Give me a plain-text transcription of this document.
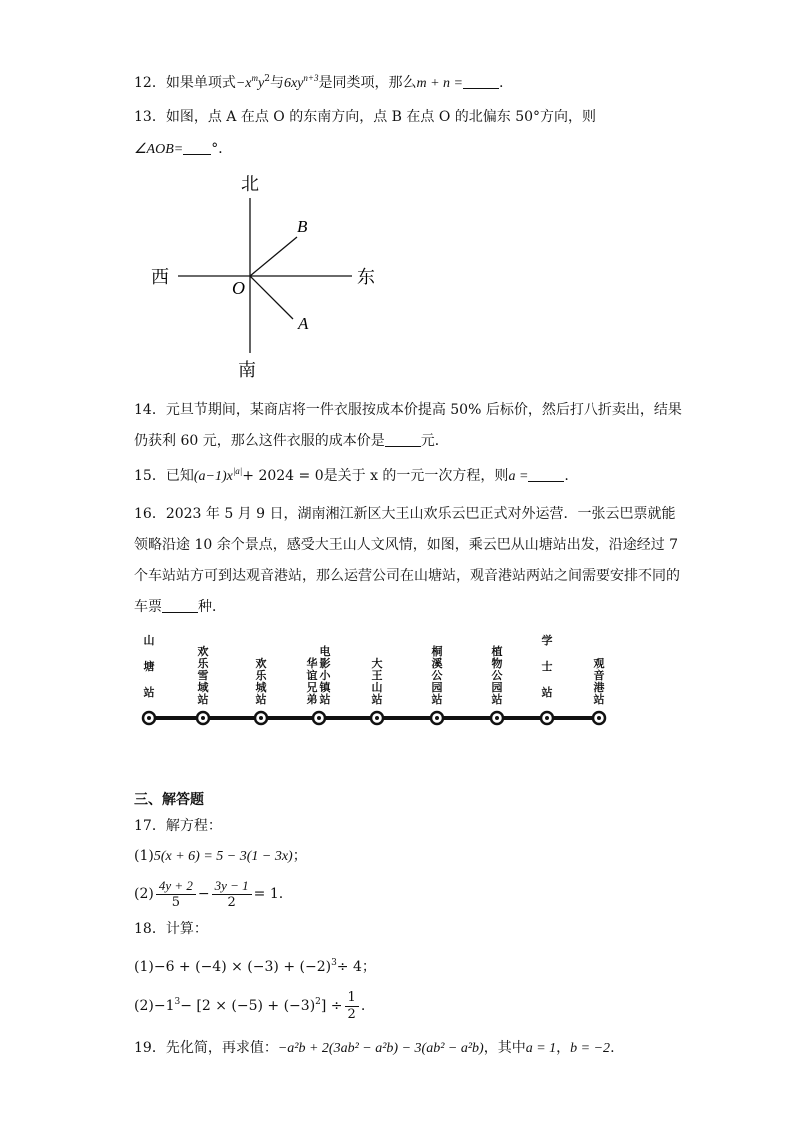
12．如果单项式$-x^my^2$与$6xy^{n+3}$是同类项，那么m + n =	.
13．如图，点 A 在点 O 的东南方向，点 B 在点 O 的北偏东 50°方向，则
∠AOB= °．
北
南
东
西	O
A
B
14．元旦节期间，某商店将一件衣服按成本价提高 50% 后标价，然后打八折卖出，结果
仍获利 60 元，那么这件衣服的成本价是	元．
15．已知$(a-1)x^{|a|}+ 2024 = 0$是关于 x 的一元一次方程，则a =	.
16．2023 年 5 月 9 日，湖南湘江新区大王山欢乐云巴正式对外运营．一张云巴票就能
领略沿途 10 余个景点，感受大王山人文风情，如图，乘云巴从山塘站出发，沿途经过 7
个车站站方可到达观音港站，那么运营公司在山塘站，观音港站两站之间需要安排不同的
车票	种．
山塘站
欢乐雪域站
欢乐城站
华谊兄弟
电影小镇站
大王山站
桐溪公园站
植物公园站
学士站
观音港站
三、解答题
17．解方程：
(1)5(x + 6) = 5 − 3(1 − 3x)；
$(2) \frac{4y + 2}{5} - \frac{3y - 1}{2} = 1$.
18．计算：
$(1)-6 + (-4) \times (-3) + (-2)^3\div 4$；
$(2)-1^3- [2 \times (-5) + (-3)^2] \div \frac{1}{2}$ .
19．先化简，再求值：−a²b + 2(3ab² − a²b) − 3(ab² − a²b)，其中a = 1，b = −2.
